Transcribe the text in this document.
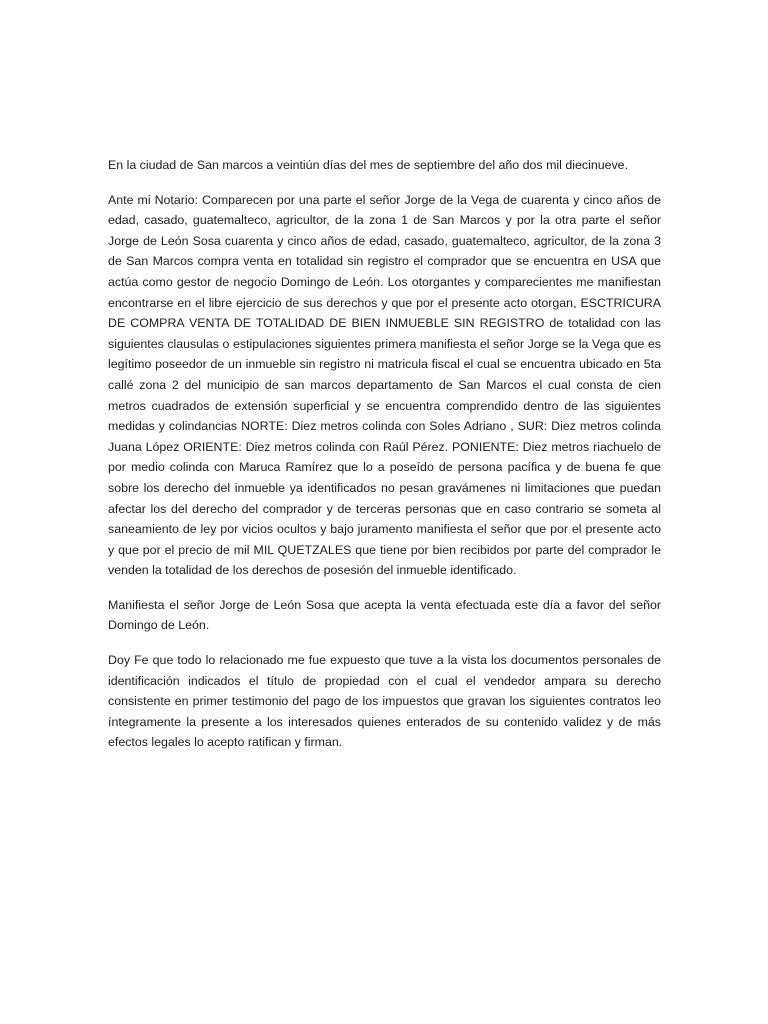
En la ciudad de San marcos a veintiún días del mes de septiembre del año dos mil diecinueve.

Ante mi Notario: Comparecen por una parte el señor Jorge de la Vega de cuarenta y cinco años de edad, casado, guatemalteco, agricultor, de la zona 1 de San Marcos y por la otra parte el señor Jorge de León Sosa cuarenta y cinco años de edad, casado, guatemalteco, agricultor, de la zona 3 de San Marcos compra venta en totalidad sin registro el comprador que se encuentra en USA que actúa como gestor de negocio Domingo de León. Los otorgantes y comparecientes me manifiestan encontrarse en el libre ejercicio de sus derechos y que por el presente acto otorgan, ESCTRICURA DE COMPRA VENTA DE TOTALIDAD DE BIEN INMUEBLE SIN REGISTRO de totalidad con las siguientes clausulas o estipulaciones siguientes primera manifiesta el señor Jorge se la Vega que es legítimo poseedor de un inmueble sin registro ni matricula fiscal el cual se encuentra ubicado en 5ta callé zona 2 del municipio de san marcos departamento de San Marcos el cual consta de cien metros cuadrados de extensión superficial y se encuentra comprendido dentro de las siguientes medidas y colindancias NORTE: Diez metros colinda con Soles Adriano , SUR: Diez metros colinda Juana López ORIENTE: Diez metros colinda con Raúl Pérez. PONIENTE: Diez metros riachuelo de por medio colinda con Maruca Ramírez que lo a poseído de persona pacífica y de buena fe que sobre los derecho del inmueble ya identificados no pesan gravámenes ni limitaciones que puedan afectar los del derecho del comprador y de terceras personas que en caso contrario se someta al saneamiento de ley por vicios ocultos y bajo juramento manifiesta el señor que por el presente acto y que por el precio de mil MIL QUETZALES que tiene por bien recibidos por parte del comprador le venden la totalidad de los derechos de posesión del inmueble identificado.

Manifiesta el señor Jorge de León Sosa que acepta la venta efectuada este día a favor del señor Domingo de León.

Doy Fe que todo lo relacionado me fue expuesto que tuve a la vista los documentos personales de identificación indicados el título de propiedad con el cual el vendedor ampara su derecho consistente en primer testimonio del pago de los impuestos que gravan los siguientes contratos leo íntegramente la presente a los interesados quienes enterados de su contenido validez y de más efectos legales lo acepto ratifican y firman.
